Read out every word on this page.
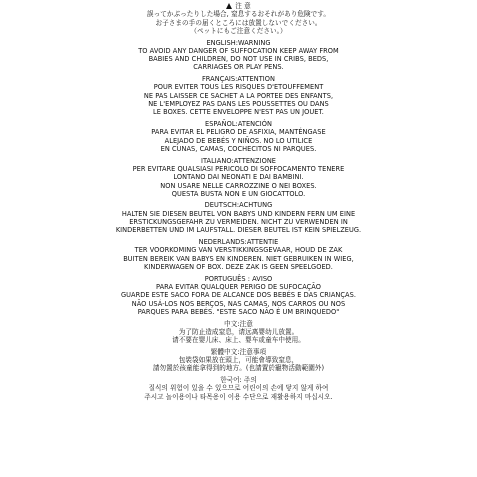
注 意
誤ってかぶったりした場合, 窒息するおそれがあり危険です。
お子さまの手の届くところには放置しないでください。
（ペットにもご注意ください。）
ENGLISH:WARNING
TO AVOID ANY DANGER OF SUFFOCATION KEEP AWAY FROM
BABIES AND CHILDREN, DO NOT USE IN CRIBS, BEDS,
CARRIAGES OR PLAY PENS.
FRANÇAIS:ATTENTION
POUR EVITER TOUS LES RISQUES D'ETOUFFEMENT
NE PAS LAISSER CE SACHET A LA PORTEE DES ENFANTS,
NE L'EMPLOYEZ PAS DANS LES POUSSETTES OU DANS
LE BOXES. CETTE ENVELOPPE N'EST PAS UN JOUET.
ESPAÑOL:ATENCIÓN
PARA EVITAR EL PELIGRO DE ASFIXIA, MANTÉNGASE
ALEJADO DE BEBÉS Y NIÑOS. NO LO UTILICE
EN CUNAS, CAMAS, COCHECITOS NI PARQUES.
ITALIANO:ATTENZIONE
PER EVITARE QUALSIASI PERICOLO DI SOFFOCAMENTO TENERE
LONTANO DAI NEONATI E DAI BAMBINI.
NON USARE NELLE CARROZZINE O NEI BOXES.
QUESTA BUSTA NON E UN GIOCATTOLO.
DEUTSCH:ACHTUNG
HALTEN SIE DIESEN BEUTEL VON BABYS UND KINDERN FERN UM EINE
ERSTICKUNGSGEFAHR ZU VERMEIDEN. NICHT ZU VERWENDEN IN
KINDERBETTEN UND IM LAUFSTALL. DIESER BEUTEL IST KEIN SPIELZEUG.
NEDERLANDS:ATTENTIE
TER VOORKOMING VAN VERSTIKKINGSGEVAAR, HOUD DE ZAK
BUITEN BEREIK VAN BABYS EN KINDEREN. NIET GEBRUIKEN IN WIEG,
KINDERWAGEN OF BOX. DEZE ZAK IS GEEN SPEELGOED.
PORTUGUÊS : AVISO
PARA EVITAR QUALQUER PERIGO DE SUFOCAÇÃO
GUARDE ESTE SACO FORA DE ALCANCE DOS BEBÉS E DAS CRIANÇAS.
NÃO USÁ-LOS NOS BERÇOS, NAS CAMAS, NOS CARROS OU NOS
PARQUES PARA BEBÉS. "ESTE SACO NÃO É UM BRINQUEDO"
中文:注意
为了防止造成窒息，请远离婴幼儿放置。
请不要在婴儿床、床上、婴车或童车中使用。
繁體中文:注意事項
包裝袋如果放在頭上，可能會導致窒息，
請勿置於孩童能拿得到的地方。(也請置於寵物活動範圍外)
한국어: 주의
질식의 위험이 있을 수 있으므로 어린이의 손에 닿지 않게 하여
주시고 놀이용이나 타목용이 이용 수단으로 재활용하지 마십시오.
